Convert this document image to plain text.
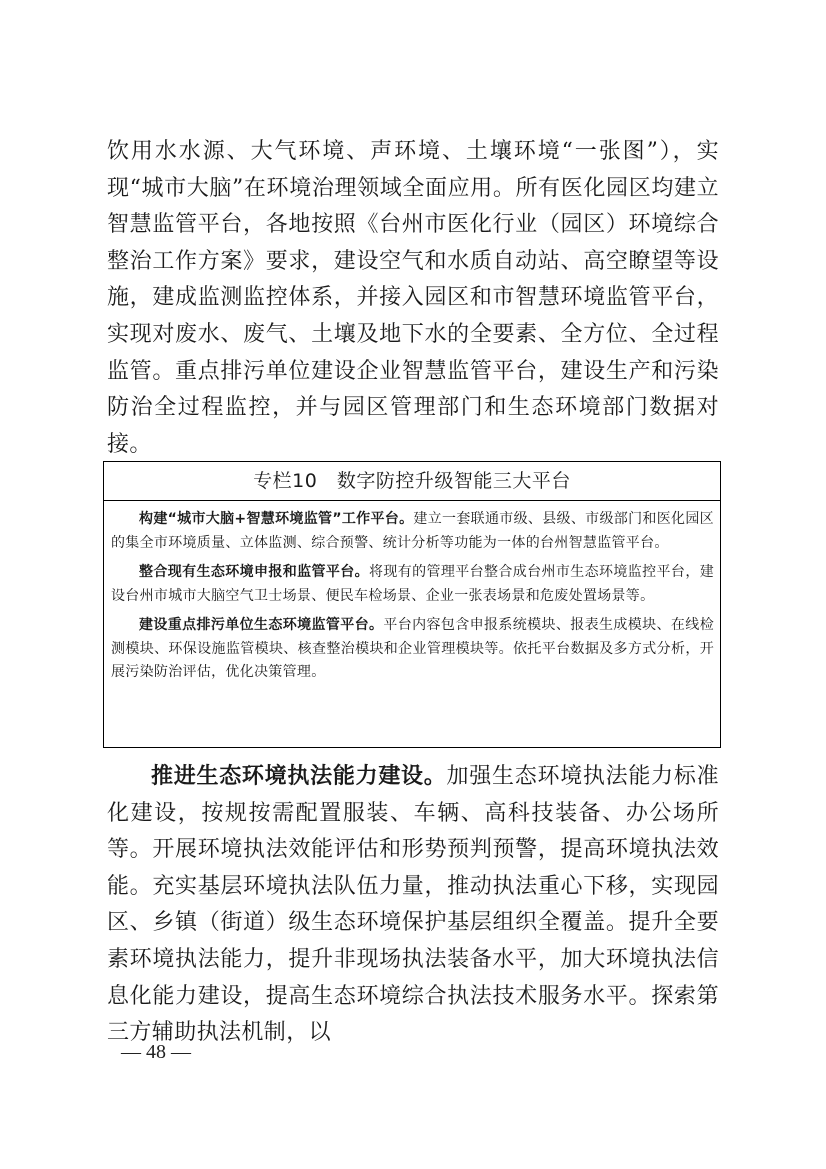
饮用水水源、大气环境、声环境、土壤环境“一张图”），实现“城市大脑”在环境治理领域全面应用。所有医化园区均建立智慧监管平台，各地按照《台州市医化行业（园区）环境综合整治工作方案》要求，建设空气和水质自动站、高空瞭望等设施，建成监测监控体系，并接入园区和市智慧环境监管平台，实现对废水、废气、土壤及地下水的全要素、全方位、全过程监管。重点排污单位建设企业智慧监管平台，建设生产和污染防治全过程监控，并与园区管理部门和生态环境部门数据对接。

专栏10　数字防控升级智能三大平台

构建“城市大脑+智慧环境监管”工作平台。建立一套联通市级、县级、市级部门和医化园区的集全市环境质量、立体监测、综合预警、统计分析等功能为一体的台州智慧监管平台。

整合现有生态环境申报和监管平台。将现有的管理平台整合成台州市生态环境监控平台，建设台州市城市大脑空气卫士场景、便民车检场景、企业一张表场景和危废处置场景等。

建设重点排污单位生态环境监管平台。平台内容包含申报系统模块、报表生成模块、在线检测模块、环保设施监管模块、核查整治模块和企业管理模块等。依托平台数据及多方式分析，开展污染防治评估，优化决策管理。

推进生态环境执法能力建设。加强生态环境执法能力标准化建设，按规按需配置服装、车辆、高科技装备、办公场所等。开展环境执法效能评估和形势预判预警，提高环境执法效能。充实基层环境执法队伍力量，推动执法重心下移，实现园区、乡镇（街道）级生态环境保护基层组织全覆盖。提升全要素环境执法能力，提升非现场执法装备水平，加大环境执法信息化能力建设，提高生态环境综合执法技术服务水平。探索第三方辅助执法机制，以

— 48 —
